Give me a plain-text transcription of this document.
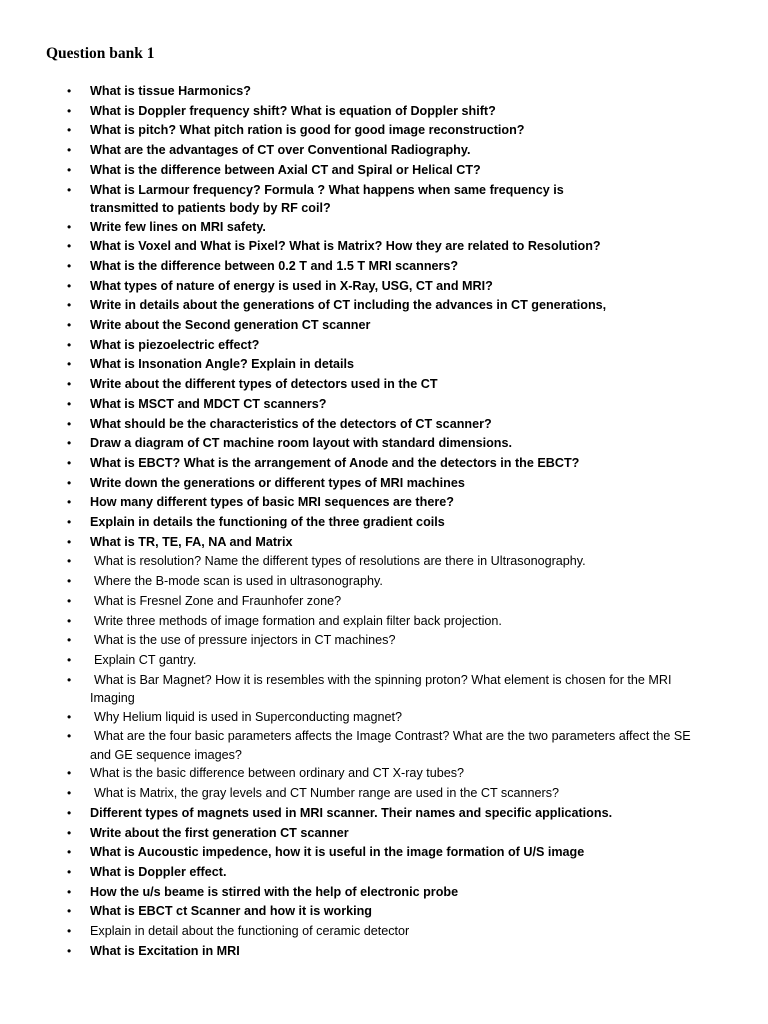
Question bank 1
• What is tissue Harmonics?
• What is Doppler frequency shift? What is equation of Doppler shift?
• What is pitch? What pitch ration is good for good image reconstruction?
• What are the advantages of CT over Conventional Radiography.
• What is the difference between Axial CT and Spiral or Helical CT?
• What is Larmour frequency? Formula ? What happens when same frequency is transmitted to patients body by RF coil?
• Write few lines on MRI safety.
• What is Voxel and What is Pixel? What is Matrix? How they are related to Resolution?
• What is the difference between 0.2 T and 1.5 T MRI scanners?
• What types of nature of energy is used in X-Ray, USG, CT and MRI?
• Write in details about the generations of CT including the advances in CT generations,
• Write about the Second generation CT scanner
• What is piezoelectric effect?
• What is Insonation Angle? Explain in details
• Write about the different types of detectors used in the CT
• What is MSCT and MDCT CT scanners?
• What should be the characteristics of the detectors of CT scanner?
• Draw a diagram of CT machine room layout with standard dimensions.
• What is EBCT? What is the arrangement of Anode and the detectors in the EBCT?
• Write down the generations or different types of MRI machines
• How many different types of basic MRI sequences are there?
• Explain in details the functioning of the three gradient coils
• What is TR, TE, FA, NA and Matrix
• What is resolution? Name the different types of resolutions are there in Ultrasonography.
• Where the B-mode scan is used in ultrasonography.
• What is Fresnel Zone and Fraunhofer zone?
• Write three methods of image formation and explain filter back projection.
• What is the use of pressure injectors in CT machines?
• Explain CT gantry.
•	What is Bar Magnet? How it is resembles with the spinning proton? What element is chosen for the MRI Imaging
• Why Helium liquid is used in Superconducting magnet?
•	What are the four basic parameters affects the Image Contrast? What are the two parameters affect the SE and GE sequence images?
• What is the basic difference between ordinary and CT X-ray tubes?
• What is Matrix, the gray levels and CT Number range are used in the CT scanners?
• Different types of magnets used in MRI scanner. Their names and specific applications.
• Write about the first generation CT scanner
• What is Aucoustic impedence, how it is useful in the image formation of U/S image
• What is Doppler effect.
• How the u/s beame is stirred with the help of electronic probe
• What is EBCT ct Scanner and how it is working
• Explain in detail about the functioning of ceramic detector
• What is Excitation in MRI
